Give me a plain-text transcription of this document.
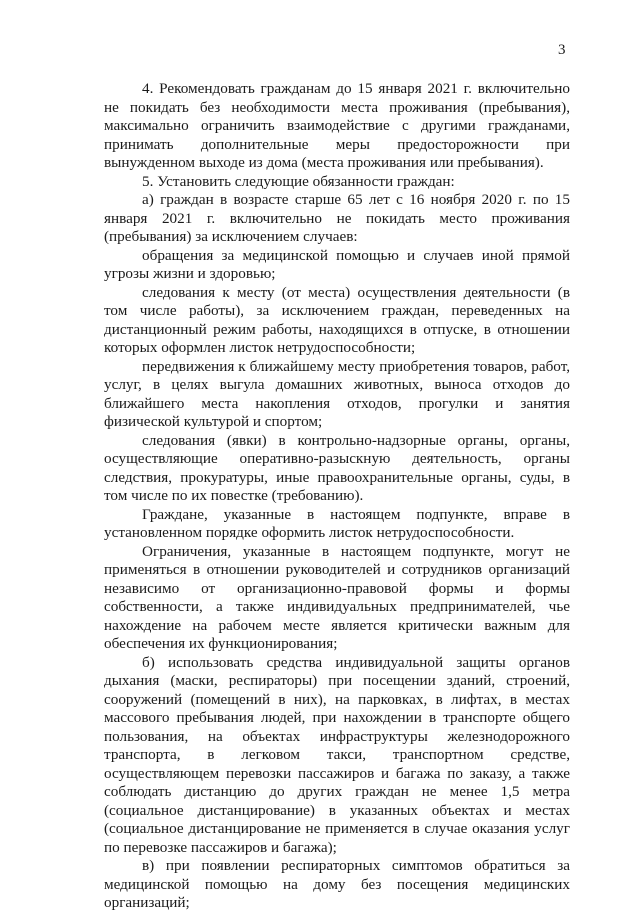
3

4. Рекомендовать гражданам до 15 января 2021 г. включительно не покидать без необходимости места проживания (пребывания), максимально ограничить взаимодействие с другими гражданами, принимать дополнительные меры предосторожности при вынужденном выходе из дома (места проживания или пребывания).

5. Установить следующие обязанности граждан:

а) граждан в возрасте старше 65 лет с 16 ноября 2020 г. по 15 января 2021 г. включительно не покидать место проживания (пребывания) за исключением случаев:

обращения за медицинской помощью и случаев иной прямой угрозы жизни и здоровью;

следования к месту (от места) осуществления деятельности (в том числе работы), за исключением граждан, переведенных на дистанционный режим работы, находящихся в отпуске, в отношении которых оформлен листок нетрудоспособности;

передвижения к ближайшему месту приобретения товаров, работ, услуг, в целях выгула домашних животных, выноса отходов до ближайшего места накопления отходов, прогулки и занятия физической культурой и спортом;

следования (явки) в контрольно-надзорные органы, органы, осуществляющие оперативно-разыскную деятельность, органы следствия, прокуратуры, иные правоохранительные органы, суды, в том числе по их повестке (требованию).

Граждане, указанные в настоящем подпункте, вправе в установленном порядке оформить листок нетрудоспособности.

Ограничения, указанные в настоящем подпункте, могут не применяться в отношении руководителей и сотрудников организаций независимо от организационно-правовой формы и формы собственности, а также индивидуальных предпринимателей, чье нахождение на рабочем месте является критически важным для обеспечения их функционирования;

б) использовать средства индивидуальной защиты органов дыхания (маски, респираторы) при посещении зданий, строений, сооружений (помещений в них), на парковках, в лифтах, в местах массового пребывания людей, при нахождении в транспорте общего пользования, на объектах инфраструктуры железнодорожного транспорта, в легковом такси, транспортном средстве, осуществляющем перевозки пассажиров и багажа по заказу, а также соблюдать дистанцию до других граждан не менее 1,5 метра (социальное дистанцирование) в указанных объектах и местах (социальное дистанцирование не применяется в случае оказания услуг по перевозке пассажиров и багажа);

в) при появлении респираторных симптомов обратиться за медицинской помощью на дому без посещения медицинских организаций;
